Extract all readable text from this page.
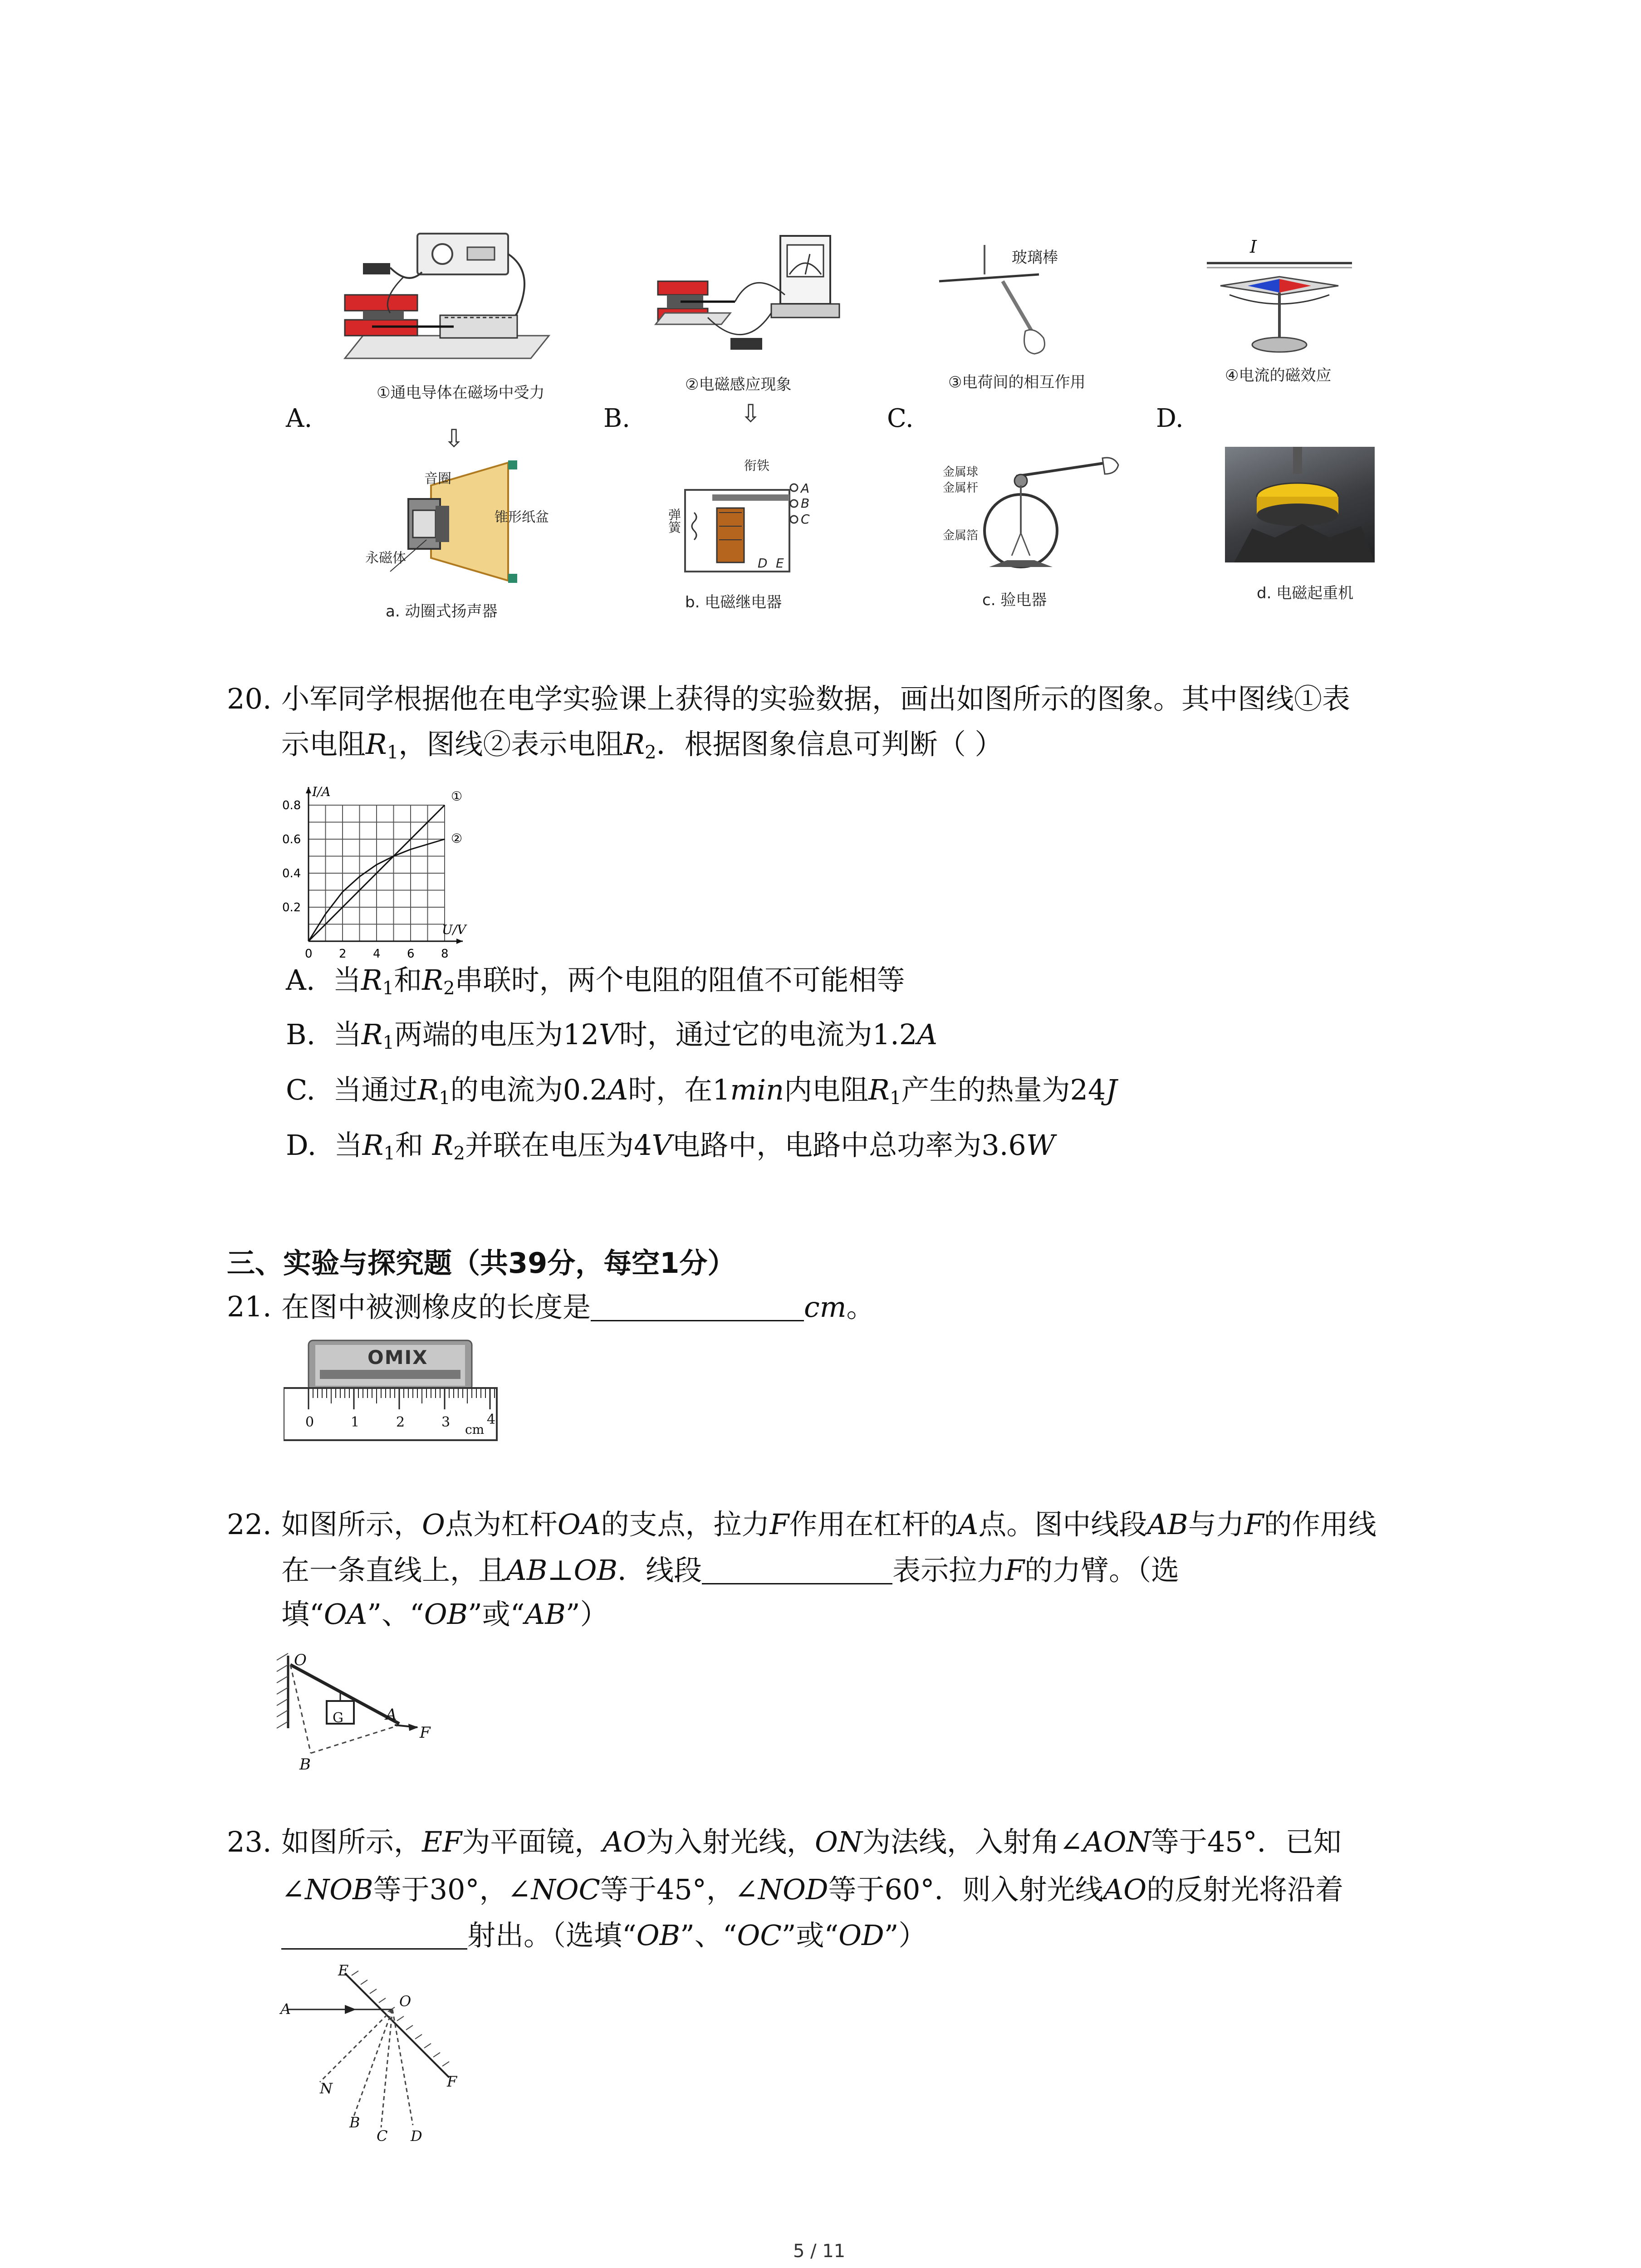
①通电导体在磁场中受力
A.
②电磁感应现象
B.
玻璃棒
③电荷间的相互作用
C.
I
④电流的磁效应
D.
⇩
⇩
音圈
锥形纸盆
永磁体
a. 动圈式扬声器
衔铁
弹簧
A
B
C
D E
b. 电磁继电器
金属球
金属杆
金属箔
c. 验电器	d. 电磁起重机
20. 小军同学根据他在电学实验课上获得的实验数据，画出如图所示的图象。其中图线①表
示电阻$R_1$，图线②表示电阻$R_2$．根据图象信息可判断（ ）
①
②
0 2 4 6 8
0.2
0.4
0.6
0.8
I/A
U/V
A. 当$R_1$和$R_2$串联时，两个电阻的阻值不可能相等
B. 当$R_1$两端的电压为12V时，通过它的电流为1.2A
C. 当通过$R_1$的电流为0.2A时，在1min内电阻$R_1$产生的热量为24J
D. 当$R_1$和 $R_2$并联在电压为4V电路中，电路中总功率为3.6W
三、实验与探究题（共39分，每空1分）
21. 在图中被测橡皮的长度是	cm。
OMIX
0	1	2	3	4
cm
22. 如图所示，O点为杠杆OA的支点，拉力F作用在杠杆的A点。图中线段AB与力F的作用线
在一条直线上，且AB⊥OB．线段	表示拉力F的力臂。（选
填“OA”、“OB”或“AB”）
O
G	A
F
B
23. 如图所示，EF为平面镜，AO为入射光线，ON为法线，入射角∠AON等于45°．已知
∠NOB等于30°，∠NOC等于45°，∠NOD等于60°．则入射光线AO的反射光将沿着
射出。（选填“OB”、“OC”或“OD”）
E
A	O
F
N
B
C D
5 / 11
